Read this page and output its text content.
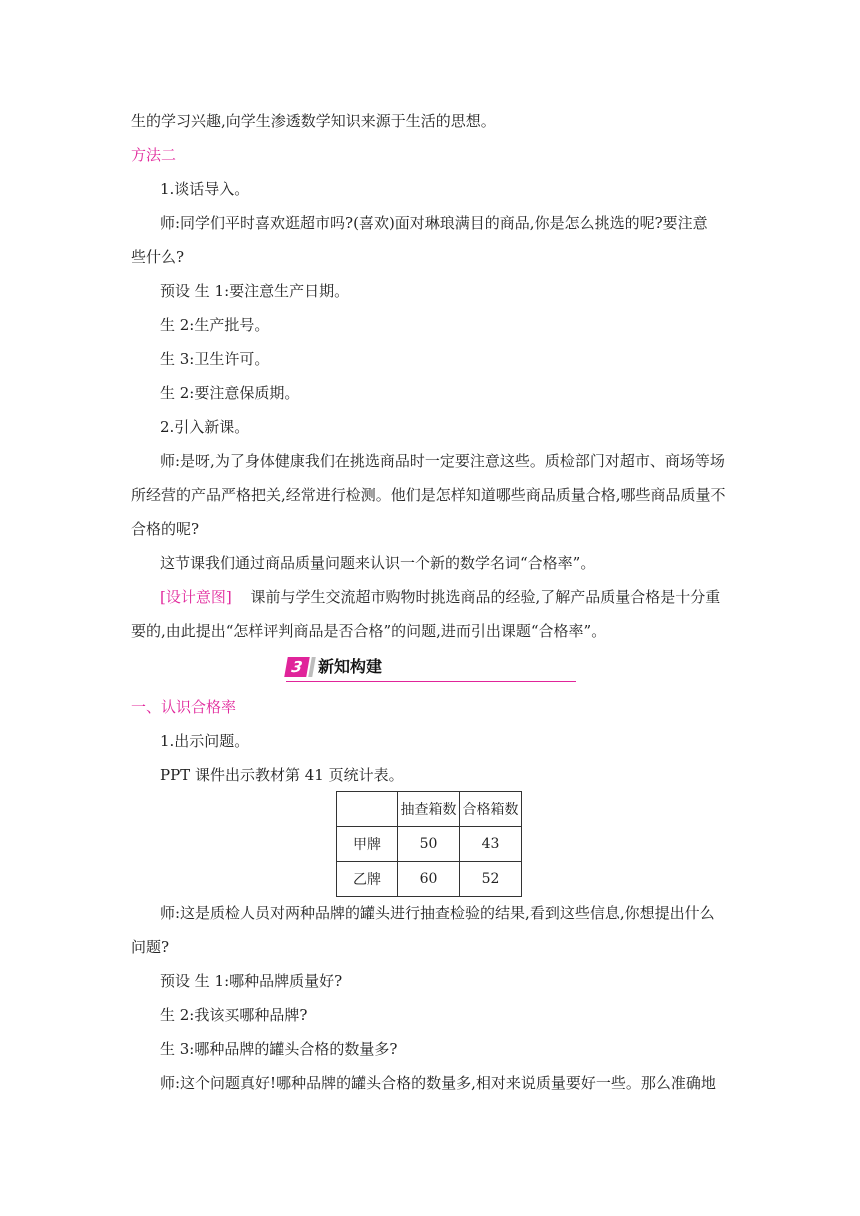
生的学习兴趣,向学生渗透数学知识来源于生活的思想。
方法二
1.谈话导入。
师:同学们平时喜欢逛超市吗?(喜欢)面对琳琅满目的商品,你是怎么挑选的呢?要注意
些什么?
预设 生 1:要注意生产日期。
生 2:生产批号。
生 3:卫生许可。
生 2:要注意保质期。
2.引入新课。
师:是呀,为了身体健康我们在挑选商品时一定要注意这些。质检部门对超市、商场等场
所经营的产品严格把关,经常进行检测。他们是怎样知道哪些商品质量合格,哪些商品质量不
合格的呢?
这节课我们通过商品质量问题来认识一个新的数学名词“合格率”。
[设计意图] 课前与学生交流超市购物时挑选商品的经验,了解产品质量合格是十分重
要的,由此提出“怎样评判商品是否合格”的问题,进而引出课题“合格率”。
3 新知构建
一、认识合格率
1.出示问题。
PPT 课件出示教材第 41 页统计表。
	抽查箱数	合格箱数
甲牌	50	43
乙牌	60	52
师:这是质检人员对两种品牌的罐头进行抽查检验的结果,看到这些信息,你想提出什么
问题?
预设 生 1:哪种品牌质量好?
生 2:我该买哪种品牌?
生 3:哪种品牌的罐头合格的数量多?
师:这个问题真好!哪种品牌的罐头合格的数量多,相对来说质量要好一些。那么准确地
